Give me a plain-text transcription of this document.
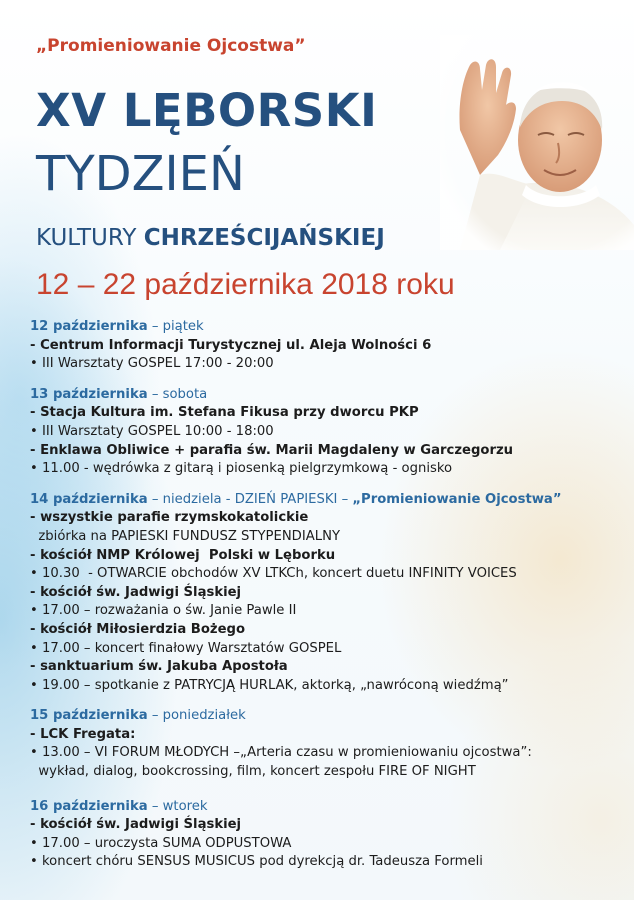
„Promieniowanie Ojcostwa”
XV LĘBORSKI
TYDZIEŃ
KULTURY CHRZEŚCIJAŃSKIEJ
12 – 22 października 2018 roku
12 października – piątek
- Centrum Informacji Turystycznej ul. Aleja Wolności 6
• III Warsztaty GOSPEL 17:00 - 20:00
13 października – sobota
- Stacja Kultura im. Stefana Fikusa przy dworcu PKP
• III Warsztaty GOSPEL 10:00 - 18:00
- Enklawa Obliwice + parafia św. Marii Magdaleny w Garczegorzu
• 11.00 - wędrówka z gitarą i piosenką pielgrzymkową - ognisko
14 października – niedziela - DZIEŃ PAPIESKI – „Promieniowanie Ojcostwa”
- wszystkie parafie rzymskokatolickie
zbiórka na PAPIESKI FUNDUSZ STYPENDIALNY
- kościół NMP Królowej  Polski w Lęborku
• 10.30  - OTWARCIE obchodów XV LTKCh, koncert duetu INFINITY VOICES
- kościół św. Jadwigi Śląskiej
• 17.00 – rozważania o św. Janie Pawle II
- kościół Miłosierdzia Bożego
• 17.00 – koncert finałowy Warsztatów GOSPEL
- sanktuarium św. Jakuba Apostoła
• 19.00 – spotkanie z PATRYCJĄ HURLAK, aktorką, „nawróconą wiedźmą”
15 października – poniedziałek
- LCK Fregata:
• 13.00 – VI FORUM MŁODYCH –„Arteria czasu w promieniowaniu ojcostwa”:
wykład, dialog, bookcrossing, film, koncert zespołu FIRE OF NIGHT
16 października – wtorek
- kościół św. Jadwigi Śląskiej
• 17.00 – uroczysta SUMA ODPUSTOWA
• koncert chóru SENSUS MUSICUS pod dyrekcją dr. Tadeusza Formeli
